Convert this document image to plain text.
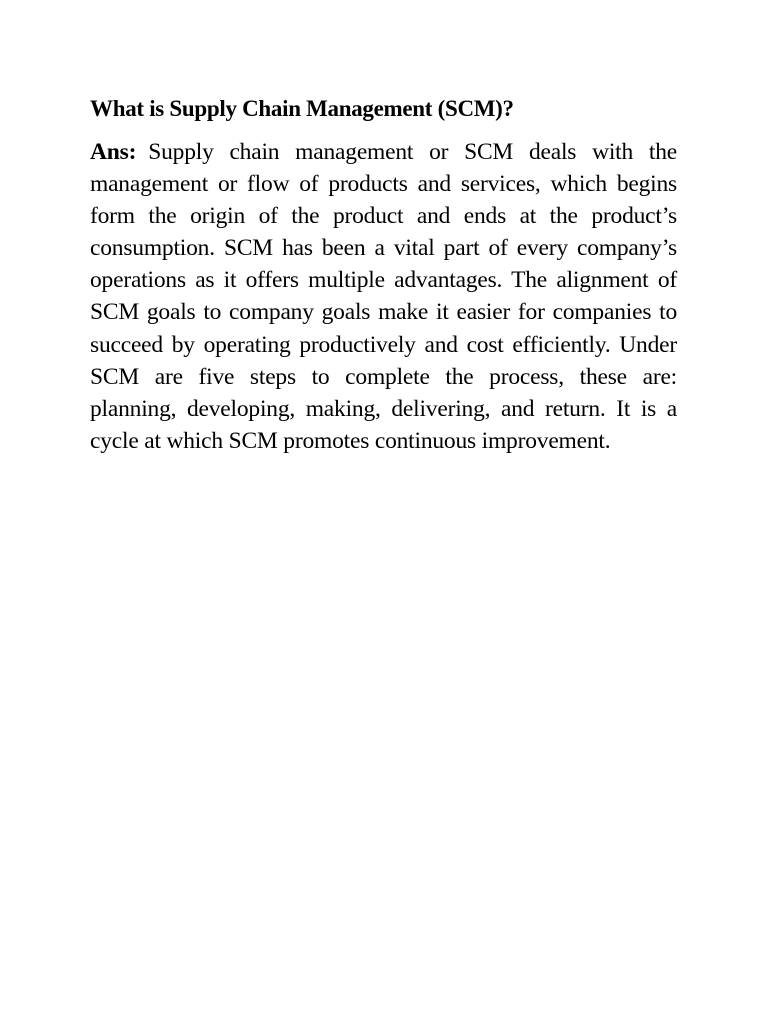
What is Supply Chain Management (SCM)?

Ans: Supply chain management or SCM deals with the management or flow of products and services, which begins form the origin of the product and ends at the product’s consumption. SCM has been a vital part of every company’s operations as it offers multiple advantages. The alignment of SCM goals to company goals make it easier for companies to succeed by operating productively and cost efficiently. Under SCM are five steps to complete the process, these are: planning, developing, making, delivering, and return. It is a cycle at which SCM promotes continuous improvement.
